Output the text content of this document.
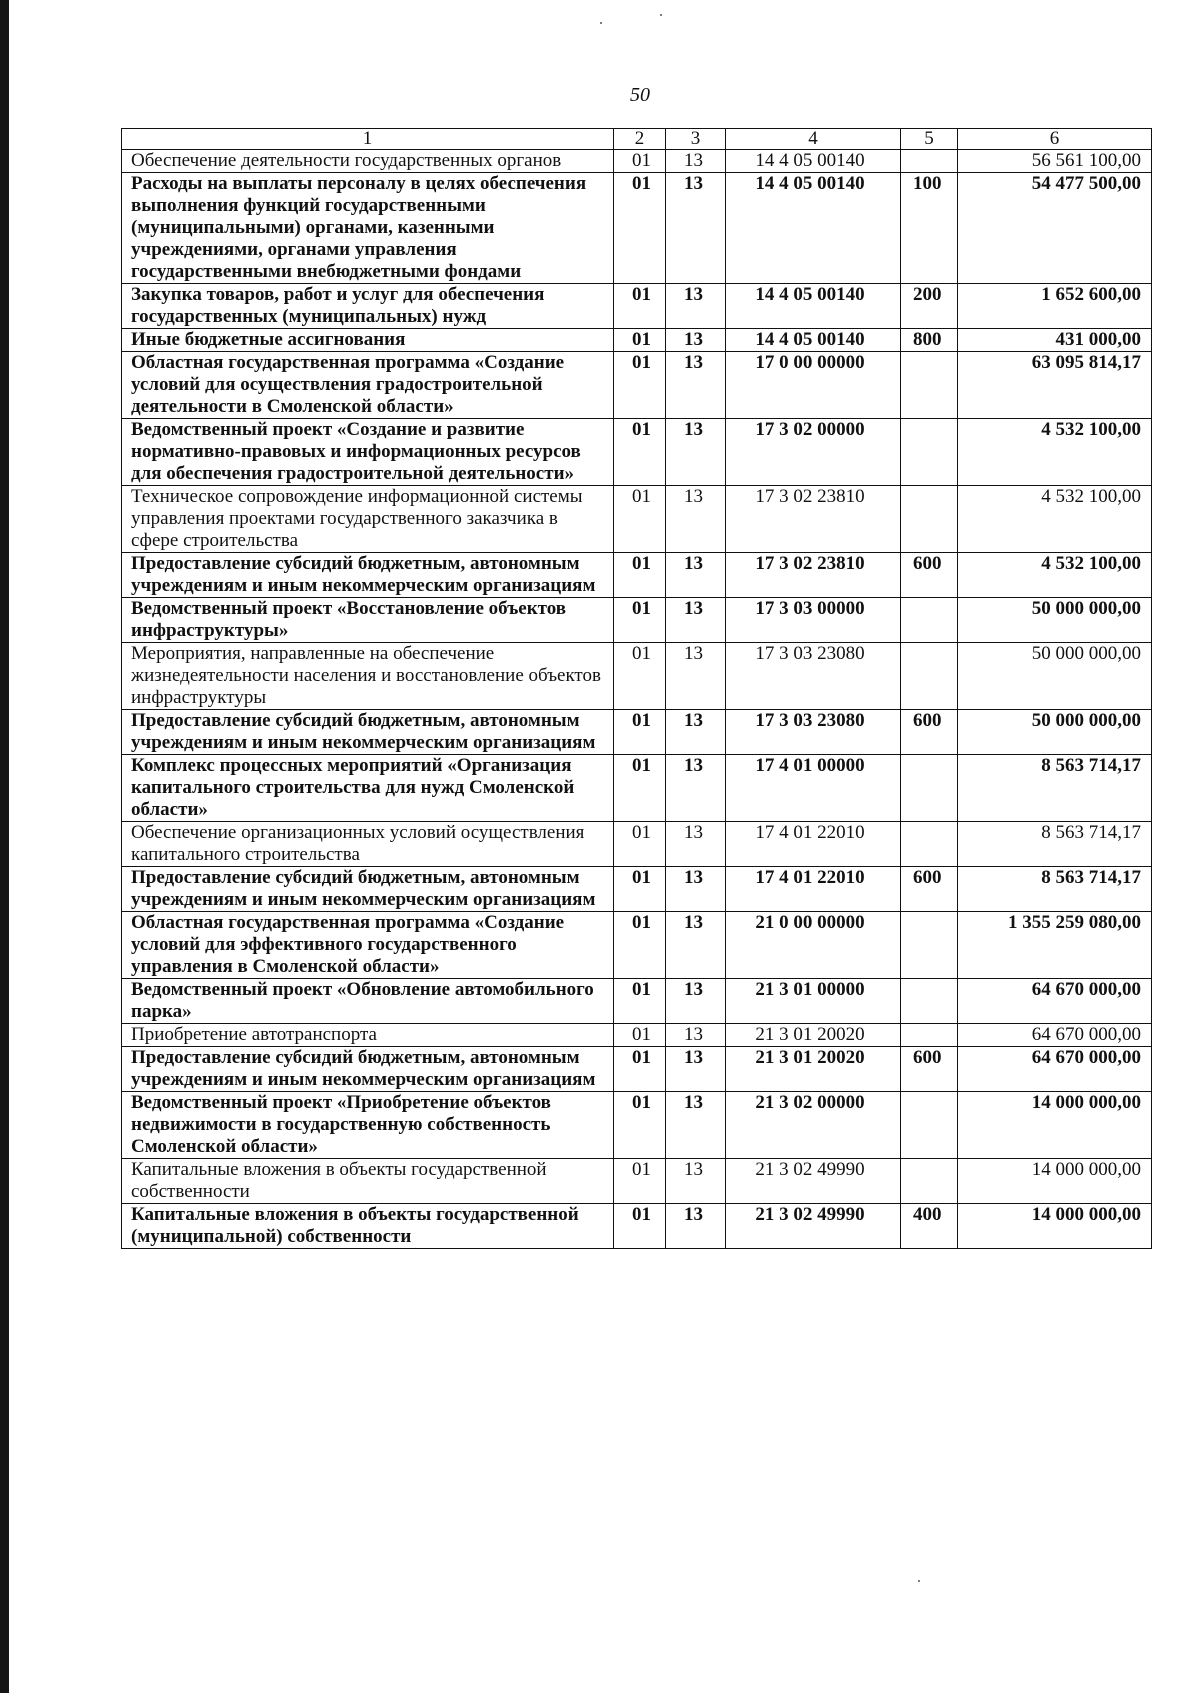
50
1	2	3	4	5	6
Обеспечение деятельности государственных органов	01	13	14 4 05 00140		56 561 100,00
Расходы на выплаты персоналу в целях обеспечения выполнения функций государственными (муниципальными) органами, казенными учреждениями, органами управления государственными внебюджетными фондами	01	13	14 4 05 00140	100	54 477 500,00
Закупка товаров, работ и услуг для обеспечения государственных (муниципальных) нужд	01	13	14 4 05 00140	200	1 652 600,00
Иные бюджетные ассигнования	01	13	14 4 05 00140	800	431 000,00
Областная государственная программа «Создание условий для осуществления градостроительной деятельности в Смоленской области»	01	13	17 0 00 00000		63 095 814,17
Ведомственный проект «Создание и развитие нормативно-правовых и информационных ресурсов для обеспечения градостроительной деятельности»	01	13	17 3 02 00000		4 532 100,00
Техническое сопровождение информационной системы управления проектами государственного заказчика в сфере строительства	01	13	17 3 02 23810		4 532 100,00
Предоставление субсидий бюджетным, автономным учреждениям и иным некоммерческим организациям	01	13	17 3 02 23810	600	4 532 100,00
Ведомственный проект «Восстановление объектов инфраструктуры»	01	13	17 3 03 00000		50 000 000,00
Мероприятия, направленные на обеспечение жизнедеятельности населения и восстановление объектов инфраструктуры	01	13	17 3 03 23080		50 000 000,00
Предоставление субсидий бюджетным, автономным учреждениям и иным некоммерческим организациям	01	13	17 3 03 23080	600	50 000 000,00
Комплекс процессных мероприятий «Организация капитального строительства для нужд Смоленской области»	01	13	17 4 01 00000		8 563 714,17
Обеспечение организационных условий осуществления капитального строительства	01	13	17 4 01 22010		8 563 714,17
Предоставление субсидий бюджетным, автономным учреждениям и иным некоммерческим организациям	01	13	17 4 01 22010	600	8 563 714,17
Областная государственная программа «Создание условий для эффективного государственного управления в Смоленской области»	01	13	21 0 00 00000		1 355 259 080,00
Ведомственный проект «Обновление автомобильного парка»	01	13	21 3 01 00000		64 670 000,00
Приобретение автотранспорта	01	13	21 3 01 20020		64 670 000,00
Предоставление субсидий бюджетным, автономным учреждениям и иным некоммерческим организациям	01	13	21 3 01 20020	600	64 670 000,00
Ведомственный проект «Приобретение объектов недвижимости в государственную собственность Смоленской области»	01	13	21 3 02 00000		14 000 000,00
Капитальные вложения в объекты государственной собственности	01	13	21 3 02 49990		14 000 000,00
Капитальные вложения в объекты государственной (муниципальной) собственности	01	13	21 3 02 49990	400	14 000 000,00
